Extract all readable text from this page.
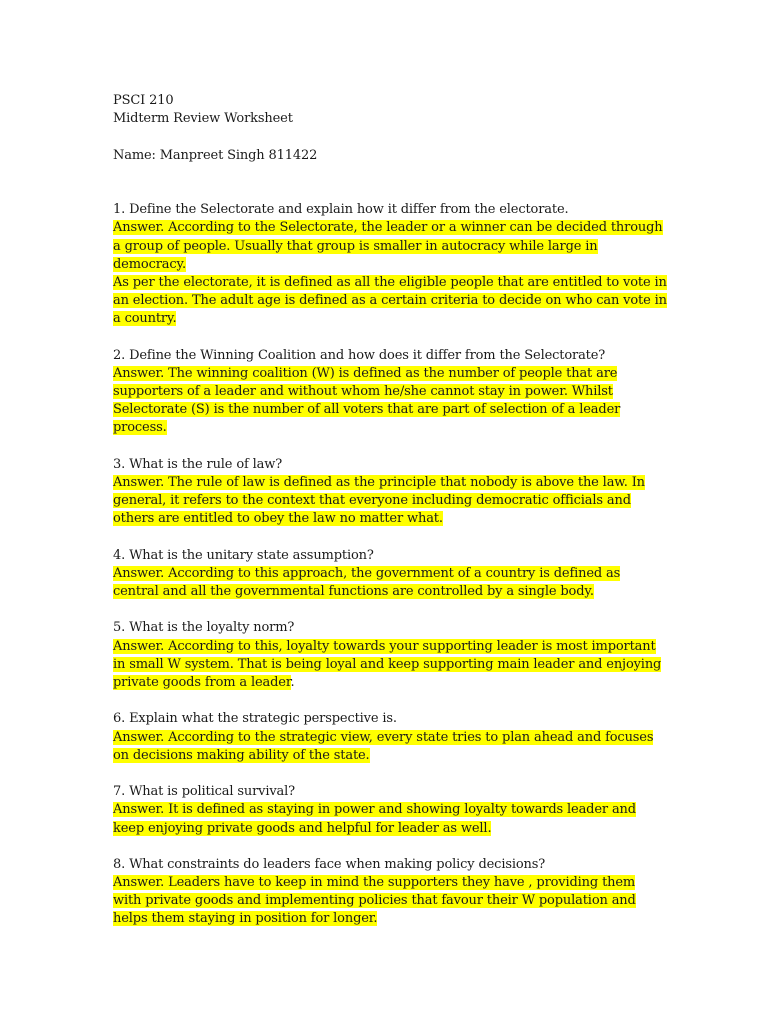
PSCI 210
Midterm Review Worksheet
Name: Manpreet Singh 811422
1. Define the Selectorate and explain how it differ from the electorate.
Answer. According to the Selectorate, the leader or a winner can be decided through
a group of people. Usually that group is smaller in autocracy while large in
democracy.
As per the electorate, it is defined as all the eligible people that are entitled to vote in
an election. The adult age is defined as a certain criteria to decide on who can vote in
a country.
2. Define the Winning Coalition and how does it differ from the Selectorate?
Answer. The winning coalition (W) is defined as the number of people that are
supporters of a leader and without whom he/she cannot stay in power. Whilst
Selectorate (S) is the number of all voters that are part of selection of a leader
process.
3. What is the rule of law?
Answer. The rule of law is defined as the principle that nobody is above the law. In
general, it refers to the context that everyone including democratic officials and
others are entitled to obey the law no matter what.
4. What is the unitary state assumption?
Answer. According to this approach, the government of a country is defined as
central and all the governmental functions are controlled by a single body.
5. What is the loyalty norm?
Answer. According to this, loyalty towards your supporting leader is most important
in small W system. That is being loyal and keep supporting main leader and enjoying
private goods from a leader.
6. Explain what the strategic perspective is.
Answer. According to the strategic view, every state tries to plan ahead and focuses
on decisions making ability of the state.
7. What is political survival?
Answer. It is defined as staying in power and showing loyalty towards leader and
keep enjoying private goods and helpful for leader as well.
8. What constraints do leaders face when making policy decisions?
Answer. Leaders have to keep in mind the supporters they have , providing them
with private goods and implementing policies that favour their W population and
helps them staying in position for longer.
